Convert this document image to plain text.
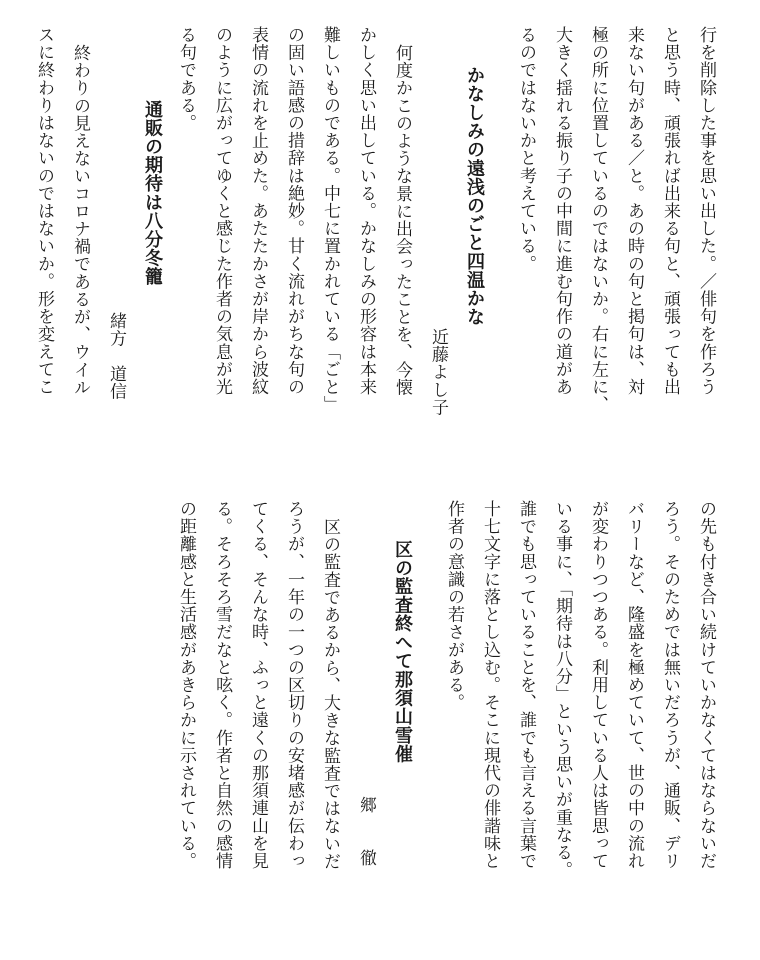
行を削除した事を思い出した。／俳句を作ろう
と思う時、頑張れば出来る句と、頑張っても出
来ない句がある／と。あの時の句と掲句は、対
極の所に位置しているのではないか。右に左に、
大きく揺れる振り子の中間に進む句作の道があ
るのではないかと考えている。
かなしみの遠浅のごと四温かな
近藤よし子
何度かこのような景に出会ったことを、今懐
かしく思い出している。かなしみの形容は本来
難しいものである。中七に置かれている「ごと」
の固い語感の措辞は絶妙。甘く流れがちな句の
表情の流れを止めた。あたたかさが岸から波紋
のように広がってゆくと感じた作者の気息が光
る句である。
通販の期待は八分冬籠
緒方　道信
終わりの見えないコロナ禍であるが、ウイル
スに終わりはないのではないか。形を変えてこ
の先も付き合い続けていかなくてはならないだ
ろう。そのためでは無いだろうが、通販、デリ
バリーなど、隆盛を極めていて、世の中の流れ
が変わりつつある。利用している人は皆思って
いる事に、「期待は八分」という思いが重なる。
誰でも思っていることを、誰でも言える言葉で
十七文字に落とし込む。そこに現代の俳諧味と
作者の意識の若さがある。
区の監査終へて那須山雪催
郷　　徹
区の監査であるから、大きな監査ではないだ
ろうが、一年の一つの区切りの安堵感が伝わっ
てくる、そんな時、ふっと遠くの那須連山を見
る。そろそろ雪だなと呟く。作者と自然の感情
の距離感と生活感があきらかに示されている。
